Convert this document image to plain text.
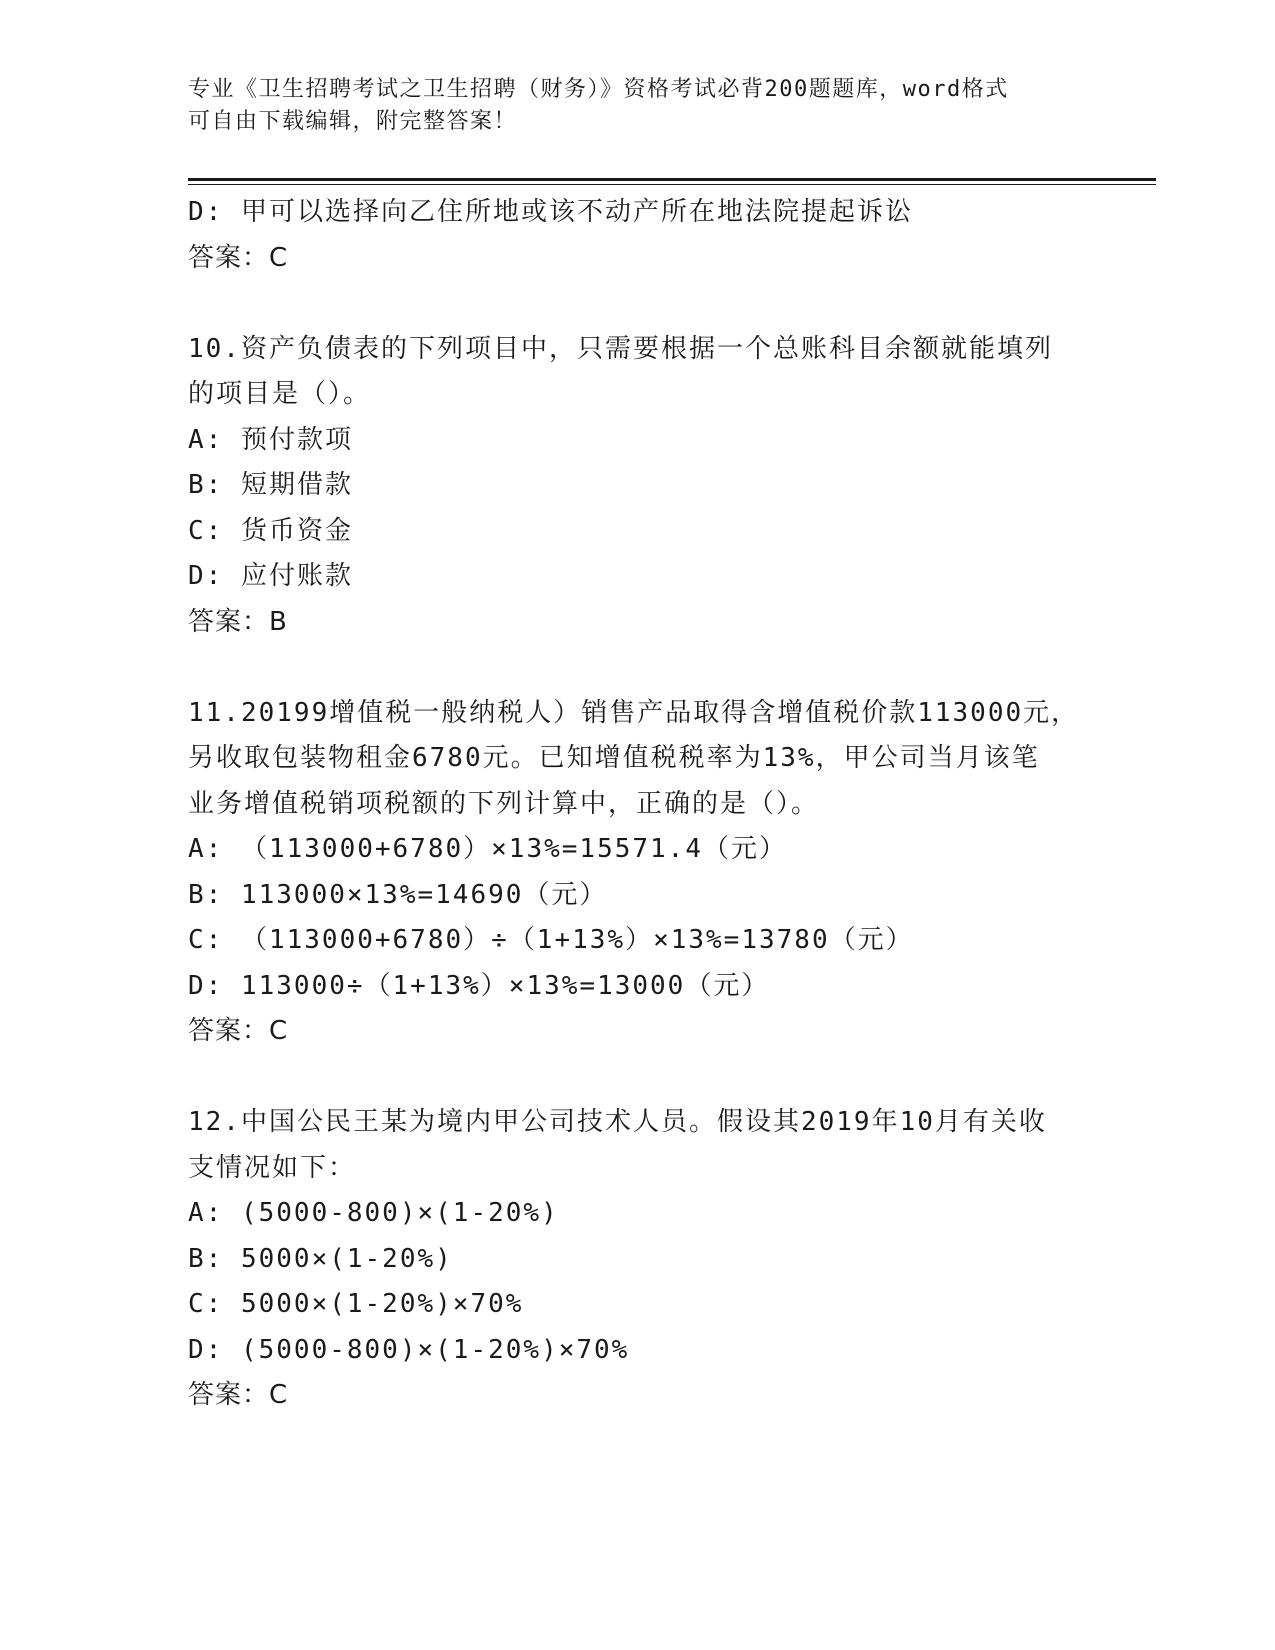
专业《卫生招聘考试之卫生招聘（财务）》资格考试必背200题题库，word格式

可自由下载编辑，附完整答案！

D: 甲可以选择向乙住所地或该不动产所在地法院提起诉讼
答案：C
10.资产负债表的下列项目中，只需要根据一个总账科目余额就能填列
的项目是（）。
A: 预付款项
B: 短期借款
C: 货币资金
D: 应付账款
答案：B
11.20199增值税一般纳税人）销售产品取得含增值税价款113000元，
另收取包装物租金6780元。已知增值税税率为13%，甲公司当月该笔
业务增值税销项税额的下列计算中，正确的是（）。
A: （113000+6780）×13%=15571.4（元）
B: 113000×13%=14690（元）
C: （113000+6780）÷（1+13%）×13%=13780（元）
D: 113000÷（1+13%）×13%=13000（元）
答案：C
12.中国公民王某为境内甲公司技术人员。假设其2019年10月有关收
支情况如下：
A: (5000-800)×(1-20%)
B: 5000×(1-20%)
C: 5000×(1-20%)×70%
D: (5000-800)×(1-20%)×70%
答案：C
